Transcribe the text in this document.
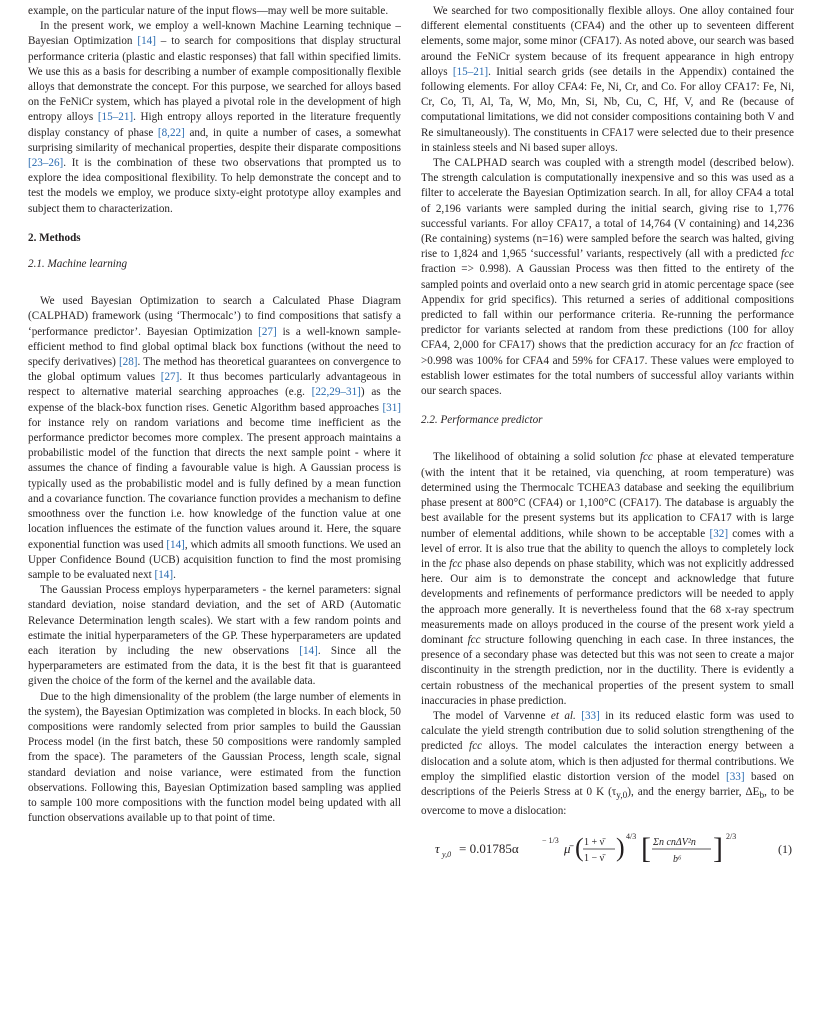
example, on the particular nature of the input flows—may well be more suitable.

In the present work, we employ a well-known Machine Learning technique – Bayesian Optimization [14] – to search for compositions that display structural performance criteria (plastic and elastic responses) that fall within specified limits. We use this as a basis for describing a number of example compositionally flexible alloys that demonstrate the concept. For this purpose, we searched for alloys based on the FeNiCr system, which has played a pivotal role in the development of high entropy alloys [15–21]. High entropy alloys reported in the literature frequently display constancy of phase [8,22] and, in quite a number of cases, a somewhat surprising similarity of mechanical properties, despite their disparate compositions [23–26]. It is the combination of these two observations that prompted us to explore the idea compositional flexibility. To help demonstrate the concept and to test the models we employ, we produce sixty-eight prototype alloy examples and subject them to characterization.

2. Methods
2.1. Machine learning

We used Bayesian Optimization to search a Calculated Phase Diagram (CALPHAD) framework (using ‘Thermocalc’) to find compositions that satisfy a ‘performance predictor’. Bayesian Optimization [27] is a well-known sample-efficient method to find global optimal black box functions (without the need to specify derivatives) [28]. The method has theoretical guarantees on convergence to the global optimum values [27]. It thus becomes particularly advantageous in respect to alternative material searching approaches (e.g. [22,29–31]) as the expense of the black-box function rises. Genetic Algorithm based approaches [31] for instance rely on random variations and become time inefficient as the performance predictor becomes more complex. The present approach maintains a probabilistic model of the function that directs the next sample point - where it assumes the chance of finding a favourable value is high. A Gaussian process is typically used as the probabilistic model and is fully defined by a mean function and a covariance function. The covariance function provides a mechanism to define smoothness over the function i.e. how knowledge of the function value at one location influences the estimate of the function values around it. Here, the square exponential function was used [14], which admits all smooth functions. We used an Upper Confidence Bound (UCB) acquisition function to find the most promising sample to be evaluated next [14].

The Gaussian Process employs hyperparameters - the kernel parameters: signal standard deviation, noise standard deviation, and the set of ARD (Automatic Relevance Determination length scales). We start with a few random points and estimate the initial hyperparameters of the GP. These hyperparameters are updated each iteration by including the new observations [14]. Since all the hyperparameters are estimated from the data, it is the best fit that is guaranteed given the choice of the form of the kernel and the available data.

Due to the high dimensionality of the problem (the large number of elements in the system), the Bayesian Optimization was completed in blocks. In each block, 50 compositions were randomly selected from prior samples to build the Gaussian Process model (in the first batch, these 50 compositions were randomly sampled from the space). The parameters of the Gaussian Process, length scale, signal standard deviation and noise variance, were estimated from the function observations. Following this, Bayesian Optimization based sampling was applied to sample 100 more compositions with the function model being updated with all function observations available up to that point of time.

We searched for two compositionally flexible alloys. One alloy contained four different elemental constituents (CFA4) and the other up to seventeen different elements, some major, some minor (CFA17). As noted above, our search was based around the FeNiCr system because of its frequent appearance in high entropy alloys [15–21]. Initial search grids (see details in the Appendix) contained the following elements. For alloy CFA4: Fe, Ni, Cr, and Co. For alloy CFA17: Fe, Ni, Cr, Co, Ti, Al, Ta, W, Mo, Mn, Si, Nb, Cu, C, Hf, V, and Re (because of computational limitations, we did not consider compositions containing both V and Re simultaneously). The constituents in CFA17 were selected due to their presence in stainless steels and Ni based super alloys.

The CALPHAD search was coupled with a strength model (described below). The strength calculation is computationally inexpensive and so this was used as a filter to accelerate the Bayesian Optimization search. In all, for alloy CFA4 a total of 2,196 variants were sampled during the initial search, giving rise to 1,776 successful variants. For alloy CFA17, a total of 14,764 (V containing) and 14,236 (Re containing) systems (n=16) were sampled before the search was halted, giving rise to 1,824 and 1,965 ‘successful’ variants, respectively (all with a predicted fcc fraction => 0.998). A Gaussian Process was then fitted to the entirety of the sampled points and overlaid onto a new search grid in atomic percentage space (see Appendix for grid specifics). This returned a series of additional compositions predicted to fall within our performance criteria. Re-running the performance predictor for variants selected at random from these predictions (100 for alloy CFA4, 2,000 for CFA17) shows that the prediction accuracy for an fcc fraction of >0.998 was 100% for CFA4 and 59% for CFA17. These values were employed to establish lower estimates for the total numbers of successful alloy variants within our search spaces.

2.2. Performance predictor

The likelihood of obtaining a solid solution fcc phase at elevated temperature (with the intent that it be retained, via quenching, at room temperature) was determined using the Thermocalc TCHEA3 database and seeking the equilibrium phase present at 800°C (CFA4) or 1,100°C (CFA17). The database is arguably the best available for the present systems but its application to CFA17 with is large number of elemental additions, while shown to be acceptable [32] comes with a level of error. It is also true that the ability to quench the alloys to completely lock in the fcc phase also depends on phase stability, which was not explicitly addressed here. Our aim is to demonstrate the concept and acknowledge that future developments and refinements of performance predictors will be needed to apply the approach more generally. It is nevertheless found that the 68 x-ray spectrum measurements made on alloys produced in the course of the present work yield a dominant fcc structure following quenching in each case. In three instances, the presence of a secondary phase was detected but this was not seen to create a major discontinuity in the strength prediction, nor in the ductility. There is evidently a certain robustness of the mechanical properties of the present system to small inaccuracies in phase prediction.

The model of Varvenne et al. [33] in its reduced elastic form was used to calculate the yield strength contribution due to solid solution strengthening of the predicted fcc alloys. The model calculates the interaction energy between a dislocation and a solute atom, which is then adjusted for thermal contributions. We employ the simplified elastic distortion version of the model [33] based on descriptions of the Peierls Stress at 0 K $(\tau_{y,0})$, and the energy barrier, $\Delta E_b$, to be overcome to move a dislocation:

τ y,0 = 0.01785α
− 1/3
μ̄ ( 1 + ν̄
1 − ν̄ ) 4/3 [ Σn cnΔV²n
b⁶ ] 2/3
(1)
